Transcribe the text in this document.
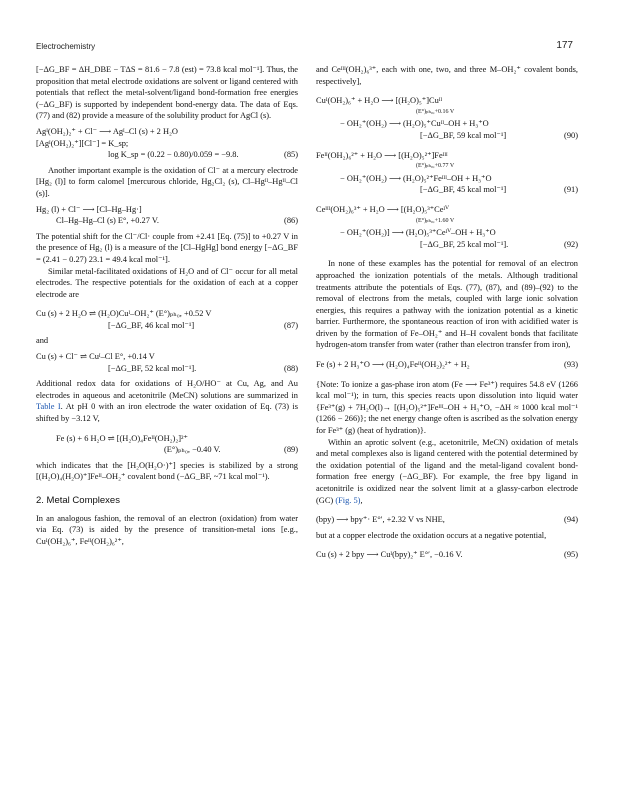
Electrochemistry	177

[−ΔG_BF = ΔH_DBE − TΔS = 81.6 − 7.8 (est) = 73.8 kcal mol⁻¹]. Thus, the proposition that metal electrode oxidations are solvent or ligand centered with potentials that reflect the metal-solvent/ligand bond-formation free energies (−ΔG_BF) is supported by independent bond-energy data. The data of Eqs. (77) and (82) provide a measure of the solubility product for AgCl (s).

Agᴵ(OH₂)₂⁺ + Cl⁻ ⟶ Agᴵ–Cl (s) + 2 H₂O
[Agᴵ(OH₂)₂⁺][Cl⁻] = K_sp;
log K_sp = (0.22 − 0.80)/0.059 = −9.8.	(85)

Another important example is the oxidation of Cl⁻ at a mercury electrode [Hg₂ (l)] to form calomel [mercurous chloride, Hg₂Cl₂ (s), Cl–Hgᴵᴵ–Hgᴵᴵ–Cl (s)].

Hg₂ (l) + Cl⁻ ⟶ [Cl–Hg–Hg·]
Cl–Hg–Hg–Cl (s) E°, +0.27 V.	(86)

The potential shift for the Cl⁻/Cl· couple from +2.41 [Eq. (75)] to +0.27 V in the presence of Hg₂ (l) is a measure of the [Cl–HgHg] bond energy [−ΔG_BF = (2.41 − 0.27) 23.1 = 49.4 kcal mol⁻¹].

Similar metal-facilitated oxidations of H₂O and of Cl⁻ occur for all metal electrodes. The respective potentials for the oxidation of each at a copper electrode are

Cu (s) + 2 H₂O ⇌ (H₂O)Cuᴵ–OH₂⁺ (E°)ₚₕ₀, +0.52 V
[−ΔG_BF, 46 kcal mol⁻¹]	(87)

and

Cu (s) + Cl⁻ ⇌ Cuᴵ–Cl E°, +0.14 V
[−ΔG_BF, 52 kcal mol⁻¹].	(88)

Additional redox data for oxidations of H₂O/HO⁻ at Cu, Ag, and Au electrodes in aqueous and acetonitrile (MeCN) solutions are summarized in Table I. At pH 0 with an iron electrode the water oxidation of Eq. (73) is shifted by −3.12 V,

Fe (s) + 6 H₂O ⇌ [(H₂O)₄Feᴵᴵ(OH₂)₂]²⁺
(E°)ₚₕ₀, −0.40 V.	(89)

which indicates that the [H₂O(H₂O·)⁺] species is stabilized by a strong [(H₂O)₄(H₂O)⁺]Feᴵᴵ–OH₂⁺ covalent bond (−ΔG_BF, ~71 kcal mol⁻¹).

2. Metal Complexes

In an analogous fashion, the removal of an electron (oxidation) from water via Eq. (73) is aided by the presence of transition-metal ions [e.g., Cuᴵ(OH₂)₆⁺, Feᴵᴵ(OH₂)₆²⁺,

and Ceᴵᴵᴵ(OH₂)₆³⁺, each with one, two, and three M–OH₂⁺ covalent bonds, respectively],

Cuᴵ(OH₂)₆⁺ + H₂O ⟶ [(H₂O)₅⁺]Cuᴵᴵ
(E°)ₚₕ₀,+0.16 V
− OH₂⁺(OH₂) ⟶ (H₂O)₅⁺Cuᴵᴵ–OH + H₃⁺O
[−ΔG_BF, 59 kcal mol⁻¹]	(90)
Feᴵᴵ(OH₂)₆²⁺ + H₂O ⟶ [(H₂O)₅²⁺]Feᴵᴵᴵ
(E°)ₚₕ₀,+0.77 V
− OH₂⁺(OH₂) ⟶ (H₂O)₅²⁺Feᴵᴵᴵ–OH + H₃⁺O
[−ΔG_BF, 45 kcal mol⁻¹]	(91)
Ceᴵᴵᴵ(OH₂)₆³⁺ + H₂O ⟶ [(H₂O)₅³⁺Ceᴵⱽ
(E°)ₚₕ₀,+1.60 V
− OH₂⁺(OH₂)] ⟶ (H₂O)₅³⁺Ceᴵⱽ–OH + H₃⁺O
[−ΔG_BF, 25 kcal mol⁻¹].	(92)

In none of these examples has the potential for removal of an electron approached the ionization potentials of the metals. Although traditional treatments attribute the potentials of Eqs. (77), (87), and (89)–(92) to the removal of electrons from the metals, coupled with large ionic solvation energies, this requires a pathway with the ionization potential as a kinetic barrier. Furthermore, the spontaneous reaction of iron with acidified water is driven by the formation of Fe–OH₂⁺ and H–H covalent bonds that facilitate hydrogen-atom transfer from water (rather than electron transfer from iron),

Fe (s) + 2 H₃⁺O ⟶ (H₂O)₄Feᴵᴵ(OH₂)₂²⁺ + H₂	(93)

{Note: To ionize a gas-phase iron atom (Fe ⟶ Fe³⁺) requires 54.8 eV (1266 kcal mol⁻¹); in turn, this species reacts upon dissolution into liquid water {Fe³⁺(g) + 7H₂O(l)→ [(H₂O)₅²⁺]Feᴵᴵᴵ–OH + H₃⁺O, −ΔH ≈ 1000 kcal mol⁻¹ (1266 − 266)}; the net energy change often is ascribed as the solvation energy for Fe³⁺ (g) (heat of hydration)}.

Within an aprotic solvent (e.g., acetonitrile, MeCN) oxidation of metals and metal complexes also is ligand centered with the potential determined by the oxidation potential of the ligand and the metal-ligand covalent bond-formation free energy (−ΔG_BF). For example, the free bpy ligand in acetonitrile is oxidized near the solvent limit at a glassy-carbon electrode (GC) (Fig. 5),

(bpy) ⟶ bpy⁺· E°′, +2.32 V vs NHE,	(94)

but at a copper electrode the oxidation occurs at a negative potential,

Cu (s) + 2 bpy ⟶ Cuᴵ(bpy)₂⁺ E°′, −0.16 V.	(95)
